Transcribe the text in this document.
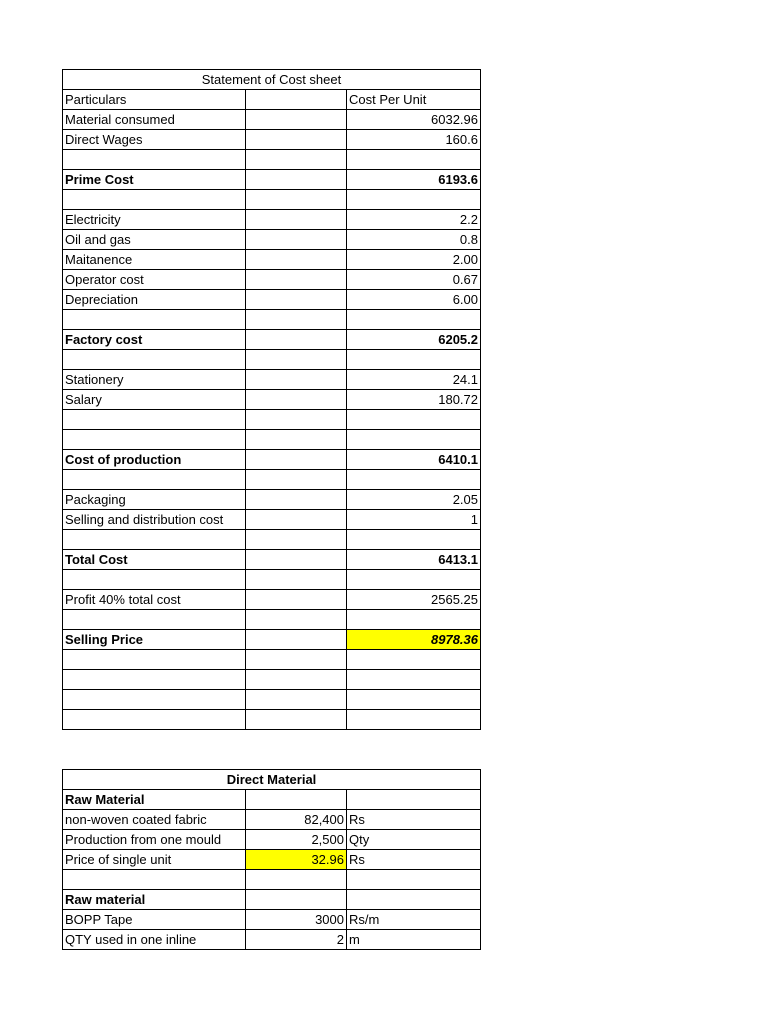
Statement of Cost sheet		
Particulars		Cost Per Unit
Material consumed		6032.96
Direct Wages		160.6

Prime Cost		6193.6

Electricity		2.2
Oil and gas		0.8
Maitanence		2.00
Operator cost		0.67
Depreciation		6.00

Factory cost		6205.2

Stationery		24.1
Salary		180.72

Cost of production		6410.1

Packaging		2.05
Selling and distribution cost		1

Total Cost		6413.1

Profit 40% total cost		2565.25

Selling Price		8978.36

Direct Material		
Raw Material		
non-woven coated fabric	82,400	Rs
Production from one mould	2,500	Qty
Price of single unit	32.96	Rs

Raw material		
BOPP Tape	3000	Rs/m
QTY used in one inline	2	m
